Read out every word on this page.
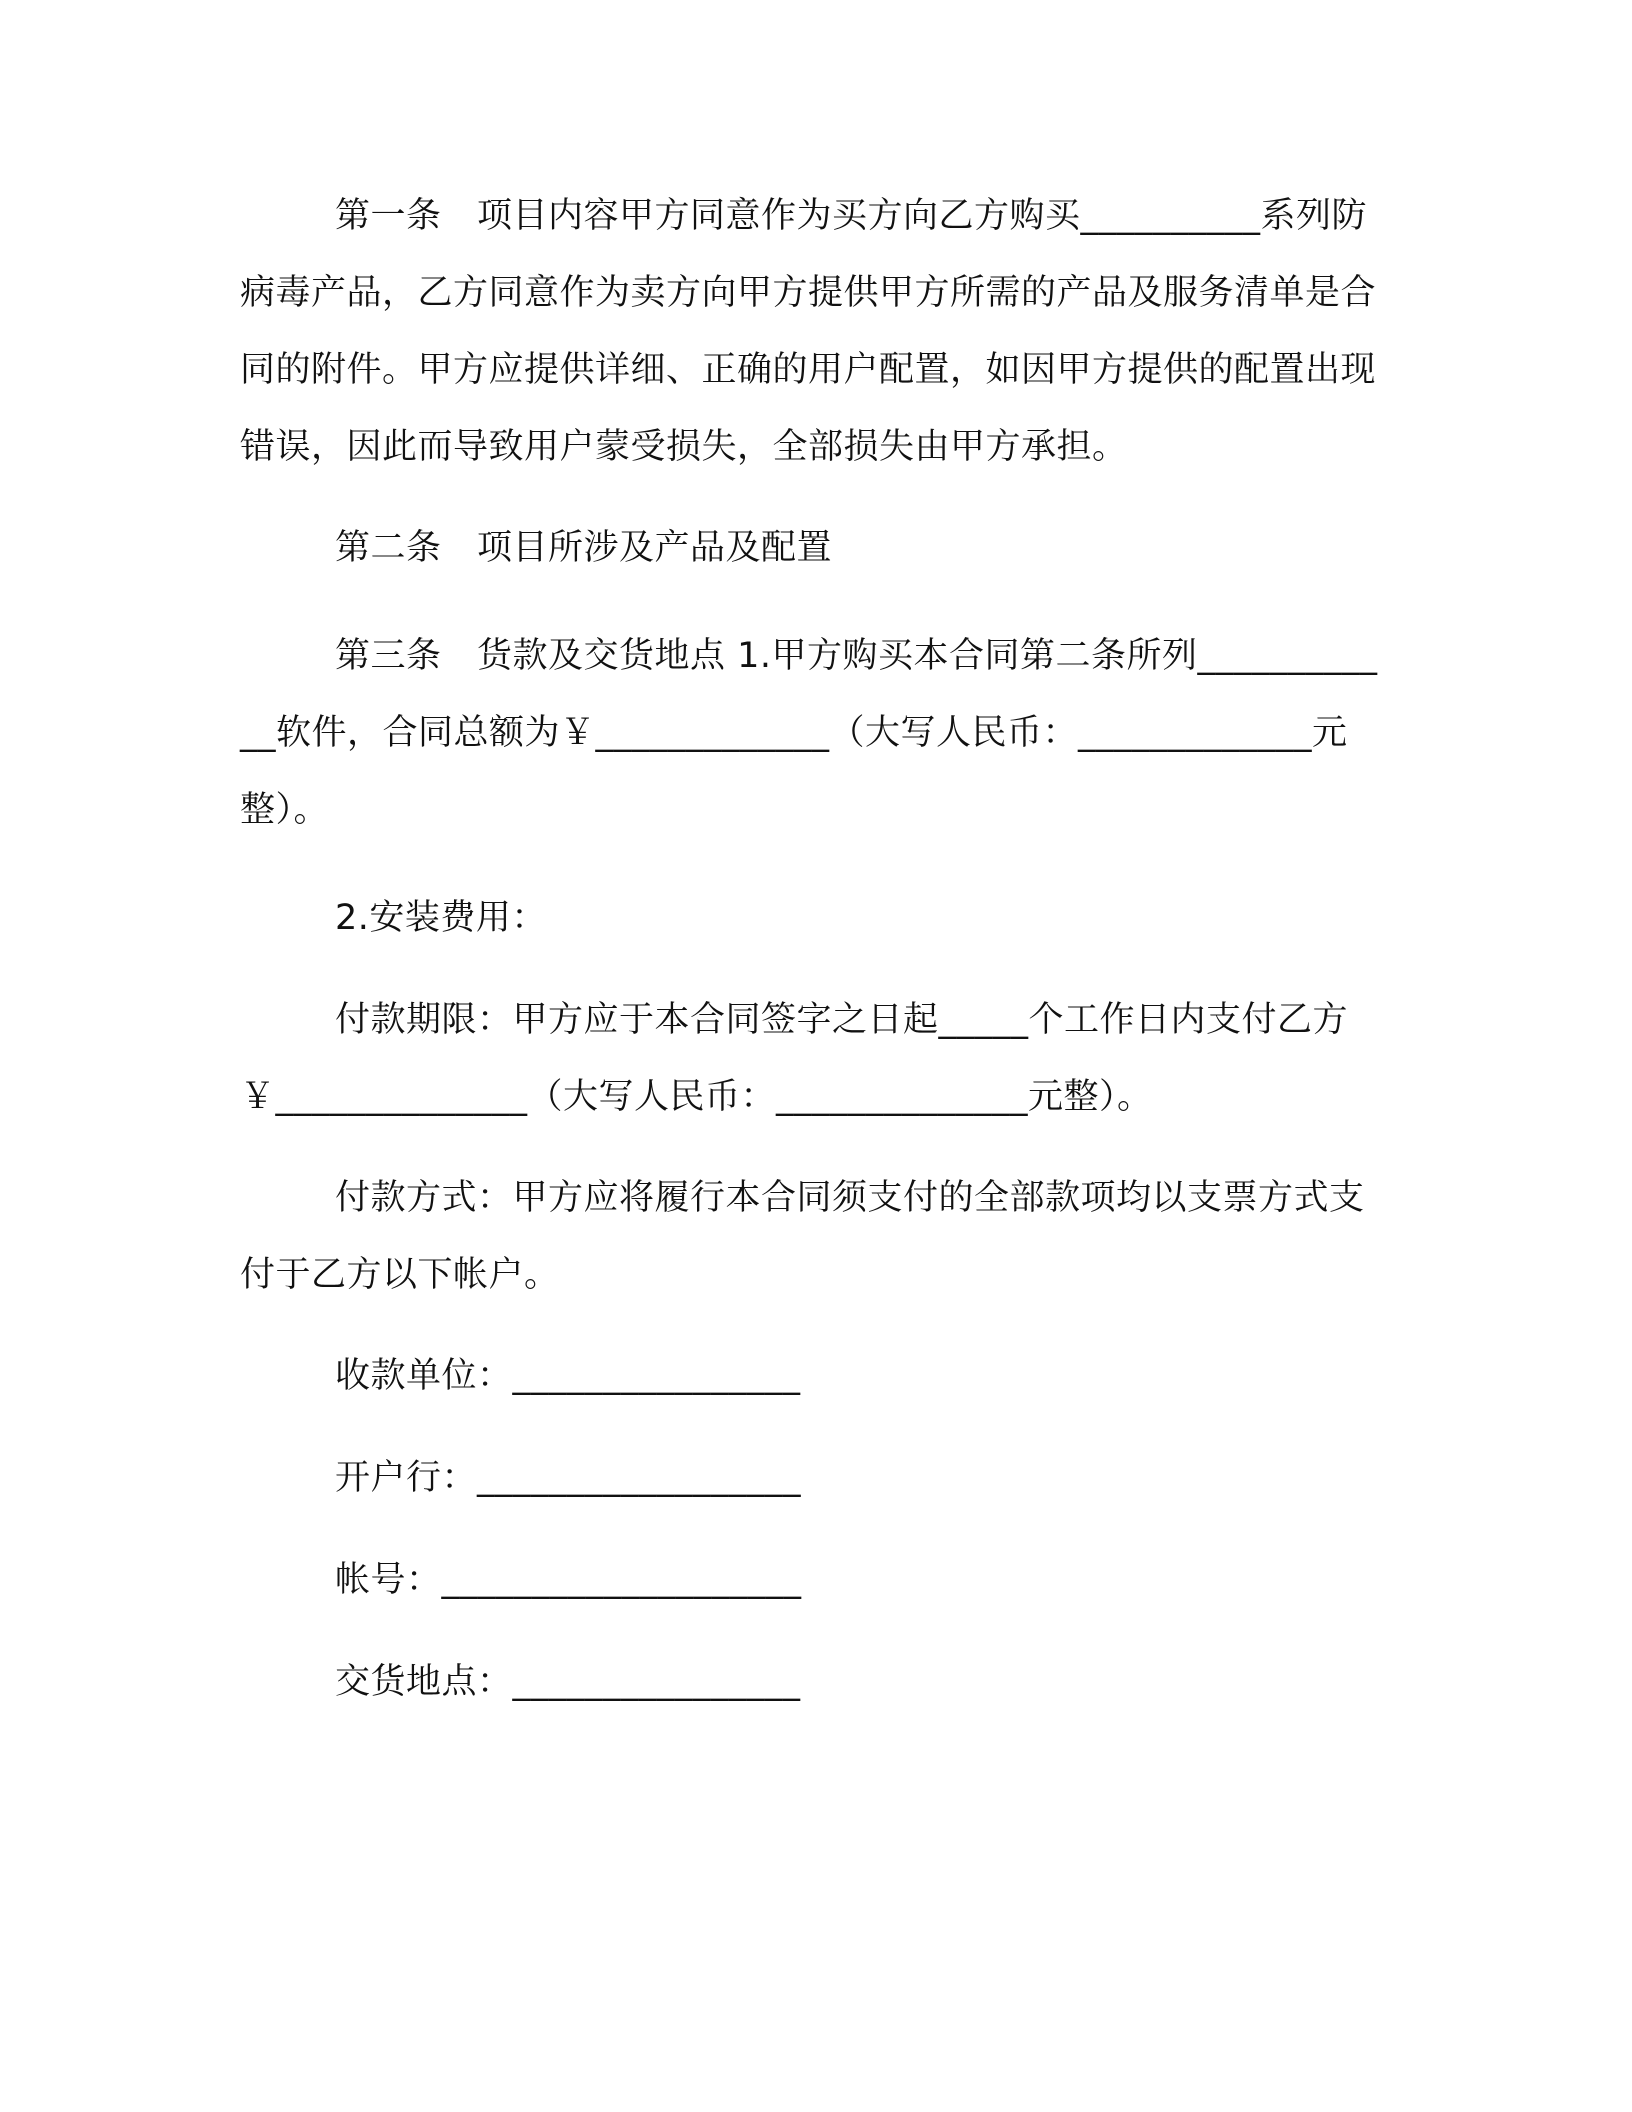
第一条　项目内容甲方同意作为买方向乙方购买__________系列防病毒产品，乙方同意作为卖方向甲方提供甲方所需的产品及服务清单是合同的附件。甲方应提供详细、正确的用户配置，如因甲方提供的配置出现错误，因此而导致用户蒙受损失，全部损失由甲方承担。

第二条　项目所涉及产品及配置

第三条　货款及交货地点 1.甲方购买本合同第二条所列____________软件，合同总额为￥_____________（大写人民币：_____________元整）。

2.安装费用：

付款期限：甲方应于本合同签字之日起_____个工作日内支付乙方￥______________（大写人民币：______________元整）。

付款方式：甲方应将履行本合同须支付的全部款项均以支票方式支付于乙方以下帐户。

收款单位：________________

开户行：__________________

帐号：____________________

交货地点：________________
